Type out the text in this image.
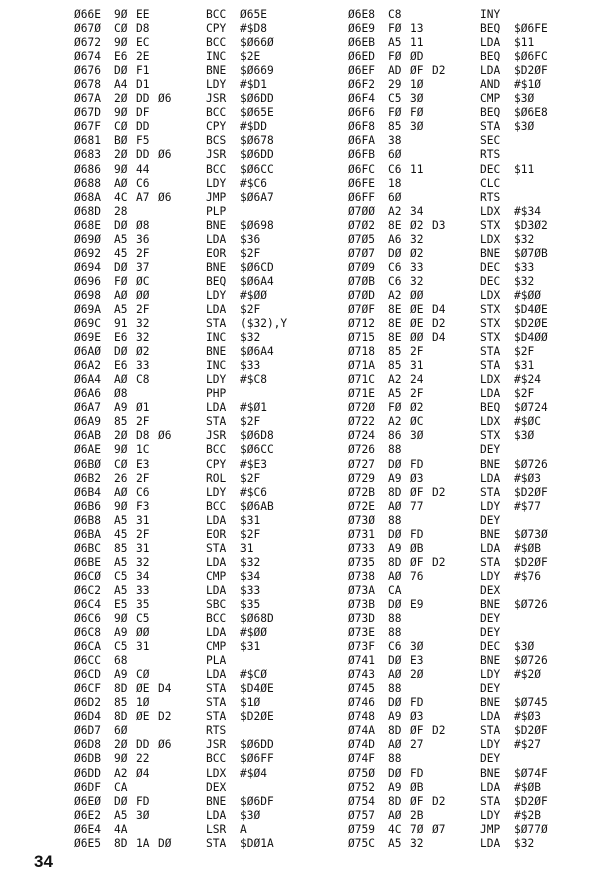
Ø66E 9Ø EE	BCC Ø65E
Ø67Ø CØ D8	CPY #$D8
Ø672 9Ø EC	BCC $Ø66Ø
Ø674 E6 2E	INC $2E
Ø676 DØ F1	BNE $Ø669
Ø678 A4 D1	LDY #$D1
Ø67A 2Ø DD Ø6	JSR $Ø6DD
Ø67D 9Ø DF	BCC $Ø65E
Ø67F CØ DD	CPY #$DD
Ø681 BØ F5	BCS $Ø678
Ø683 2Ø DD Ø6	JSR $Ø6DD
Ø686 9Ø 44	BCC $Ø6CC
Ø688 AØ C6	LDY #$C6
Ø68A 4C A7 Ø6	JMP $Ø6A7
Ø68D 28	PLP
Ø68E DØ Ø8	BNE $Ø698
Ø69Ø A5 36	LDA $36
Ø692 45 2F	EOR $2F
Ø694 DØ 37	BNE $Ø6CD
Ø696 FØ ØC	BEQ $Ø6A4
Ø698 AØ ØØ	LDY #$ØØ
Ø69A A5 2F	LDA $2F
Ø69C 91 32	STA ($32),Y
Ø69E E6 32	INC $32
Ø6AØ DØ Ø2	BNE $Ø6A4
Ø6A2 E6 33	INC $33
Ø6A4 AØ C8	LDY #$C8
Ø6A6 Ø8	PHP
Ø6A7 A9 Ø1	LDA #$Ø1
Ø6A9 85 2F	STA $2F
Ø6AB 2Ø D8 Ø6	JSR $Ø6D8
Ø6AE 9Ø 1C	BCC $Ø6CC
Ø6BØ CØ E3	CPY #$E3
Ø6B2 26 2F	ROL $2F
Ø6B4 AØ C6	LDY #$C6
Ø6B6 9Ø F3	BCC $Ø6AB
Ø6B8 A5 31	LDA $31
Ø6BA 45 2F	EOR $2F
Ø6BC 85 31	STA 31
Ø6BE A5 32	LDA $32
Ø6CØ C5 34	CMP $34
Ø6C2 A5 33	LDA $33
Ø6C4 E5 35	SBC $35
Ø6C6 9Ø C5	BCC $Ø68D
Ø6C8 A9 ØØ	LDA #$ØØ
Ø6CA C5 31	CMP $31
Ø6CC 68	PLA
Ø6CD A9 CØ	LDA #$CØ
Ø6CF 8D ØE D4	STA $D4ØE
Ø6D2 85 1Ø	STA $1Ø
Ø6D4 8D ØE D2	STA $D2ØE
Ø6D7 6Ø	RTS
Ø6D8 2Ø DD Ø6	JSR $Ø6DD
Ø6DB 9Ø 22	BCC $Ø6FF
Ø6DD A2 Ø4	LDX #$Ø4
Ø6DF CA	DEX
Ø6EØ DØ FD	BNE $Ø6DF
Ø6E2 A5 3Ø	LDA $3Ø
Ø6E4 4A	LSR A
Ø6E5 8D 1A DØ	STA $DØ1A
Ø6E8 C8	INY
Ø6E9 FØ 13	BEQ $Ø6FE
Ø6EB A5 11	LDA $11
Ø6ED FØ ØD	BEQ $Ø6FC
Ø6EF AD ØF D2	LDA $D2ØF
Ø6F2 29 1Ø	AND #$1Ø
Ø6F4 C5 3Ø	CMP $3Ø
Ø6F6 FØ FØ	BEQ $Ø6E8
Ø6F8 85 3Ø	STA $3Ø
Ø6FA 38	SEC
Ø6FB 6Ø	RTS
Ø6FC C6 11	DEC $11
Ø6FE 18	CLC
Ø6FF 6Ø	RTS
Ø7ØØ A2 34	LDX #$34
Ø7Ø2 8E Ø2 D3	STX $D3Ø2
Ø7Ø5 A6 32	LDX $32
Ø7Ø7 DØ Ø2	BNE $Ø7ØB
Ø7Ø9 C6 33	DEC $33
Ø7ØB C6 32	DEC $32
Ø7ØD A2 ØØ	LDX #$ØØ
Ø7ØF 8E ØE D4	STX $D4ØE
Ø712 8E ØE D2	STX $D2ØE
Ø715 8E ØØ D4	STX $D4ØØ
Ø718 85 2F	STA $2F
Ø71A 85 31	STA $31
Ø71C A2 24	LDX #$24
Ø71E A5 2F	LDA $2F
Ø72Ø FØ Ø2	BEQ $Ø724
Ø722 A2 ØC	LDX #$ØC
Ø724 86 3Ø	STX $3Ø
Ø726 88	DEY
Ø727 DØ FD	BNE $Ø726
Ø729 A9 Ø3	LDA #$Ø3
Ø72B 8D ØF D2	STA $D2ØF
Ø72E AØ 77	LDY #$77
Ø73Ø 88	DEY
Ø731 DØ FD	BNE $Ø73Ø
Ø733 A9 ØB	LDA #$ØB
Ø735 8D ØF D2	STA $D2ØF
Ø738 AØ 76	LDY #$76
Ø73A CA	DEX
Ø73B DØ E9	BNE $Ø726
Ø73D 88	DEY
Ø73E 88	DEY
Ø73F C6 3Ø	DEC $3Ø
Ø741 DØ E3	BNE $Ø726
Ø743 AØ 2Ø	LDY #$2Ø
Ø745 88	DEY
Ø746 DØ FD	BNE $Ø745
Ø748 A9 Ø3	LDA #$Ø3
Ø74A 8D ØF D2	STA $D2ØF
Ø74D AØ 27	LDY #$27
Ø74F 88	DEY
Ø75Ø DØ FD	BNE $Ø74F
Ø752 A9 ØB	LDA #$ØB
Ø754 8D ØF D2	STA $D2ØF
Ø757 AØ 2B	LDY #$2B
Ø759 4C 7Ø Ø7	JMP $Ø77Ø
Ø75C A5 32	LDA $32
34
